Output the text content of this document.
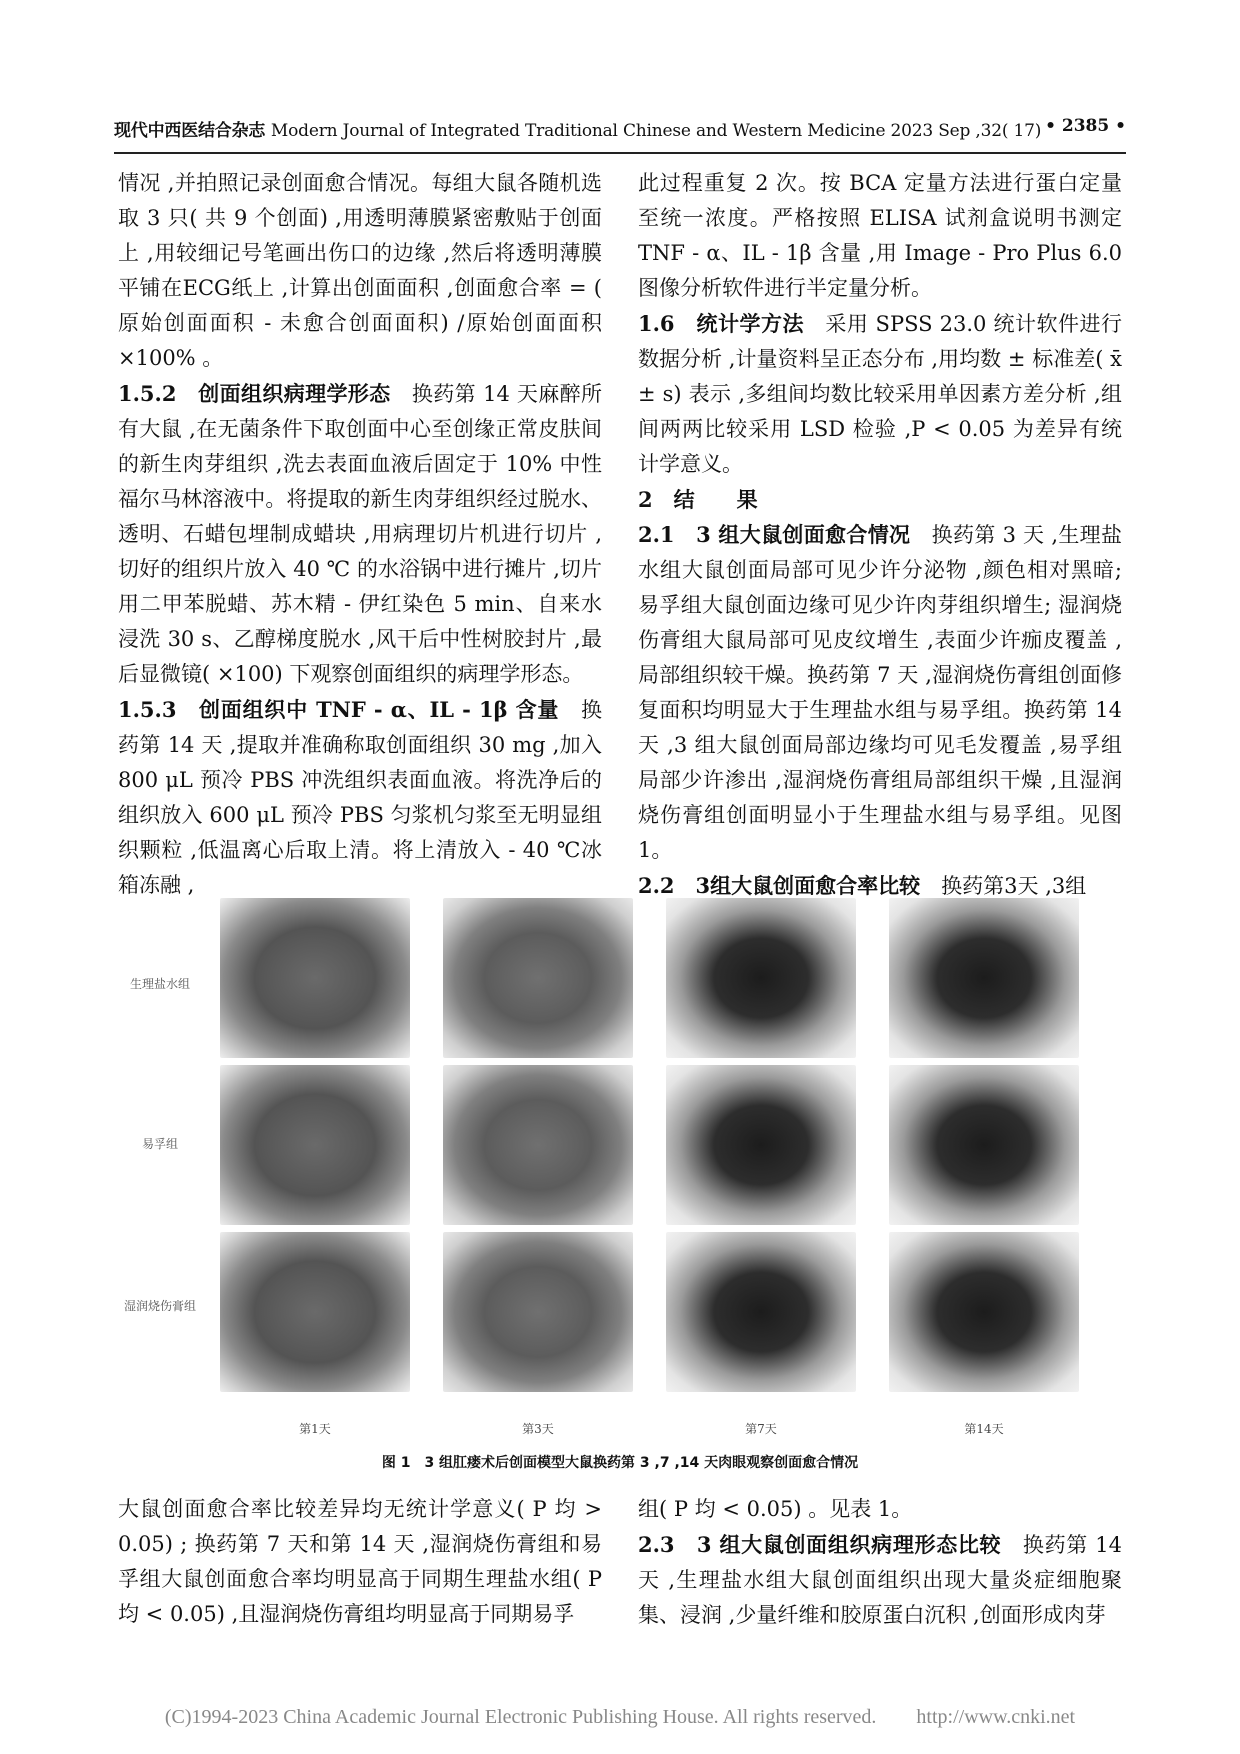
现代中西医结合杂志 Modern Journal of Integrated Traditional Chinese and Western Medicine 2023 Sep ,32( 17) • 2385 •

情况 ,并拍照记录创面愈合情况。每组大鼠各随机选取 3 只( 共 9 个创面) ,用透明薄膜紧密敷贴于创面上 ,用较细记号笔画出伤口的边缘 ,然后将透明薄膜平铺在ECG纸上 ,计算出创面面积 ,创面愈合率 = ( 原始创面面积 - 未愈合创面面积) /原始创面面积 ×100% 。

1.5.2　创面组织病理学形态　换药第 14 天麻醉所有大鼠 ,在无菌条件下取创面中心至创缘正常皮肤间的新生肉芽组织 ,洗去表面血液后固定于 10% 中性福尔马林溶液中。将提取的新生肉芽组织经过脱水、透明、石蜡包埋制成蜡块 ,用病理切片机进行切片 ,切好的组织片放入 40 ℃ 的水浴锅中进行摊片 ,切片用二甲苯脱蜡、苏木精 - 伊红染色 5 min、自来水浸洗 30 s、乙醇梯度脱水 ,风干后中性树胶封片 ,最后显微镜( ×100) 下观察创面组织的病理学形态。

1.5.3　创面组织中 TNF - α、IL - 1β 含量　换药第 14 天 ,提取并准确称取创面组织 30 mg ,加入 800 μL 预冷 PBS 冲洗组织表面血液。将洗净后的组织放入 600 μL 预冷 PBS 匀浆机匀浆至无明显组织颗粒 ,低温离心后取上清。将上清放入 - 40 ℃冰箱冻融 ,

此过程重复 2 次。按 BCA 定量方法进行蛋白定量至统一浓度。严格按照 ELISA 试剂盒说明书测定 TNF - α、IL - 1β 含量 ,用 Image - Pro Plus 6.0 图像分析软件进行半定量分析。

1.6　统计学方法　采用 SPSS 23.0 统计软件进行数据分析 ,计量资料呈正态分布 ,用均数 ± 标准差( x̄ ± s) 表示 ,多组间均数比较采用单因素方差分析 ,组间两两比较采用 LSD 检验 ,P < 0.05 为差异有统计学意义。

2　结　　果

2.1　3 组大鼠创面愈合情况　换药第 3 天 ,生理盐水组大鼠创面局部可见少许分泌物 ,颜色相对黑暗; 易孚组大鼠创面边缘可见少许肉芽组织增生; 湿润烧伤膏组大鼠局部可见皮纹增生 ,表面少许痂皮覆盖 ,局部组织较干燥。换药第 7 天 ,湿润烧伤膏组创面修复面积均明显大于生理盐水组与易孚组。换药第 14 天 ,3 组大鼠创面局部边缘均可见毛发覆盖 ,易孚组局部少许渗出 ,湿润烧伤膏组局部组织干燥 ,且湿润烧伤膏组创面明显小于生理盐水组与易孚组。见图 1。

2.2　3组大鼠创面愈合率比较　换药第3天 ,3组

生理盐水组
易孚组
湿润烧伤膏组
第1天	第3天	第7天	第14天
图 1　3 组肛瘘术后创面模型大鼠换药第 3 ,7 ,14 天肉眼观察创面愈合情况

大鼠创面愈合率比较差异均无统计学意义( P 均 > 0.05) ; 换药第 7 天和第 14 天 ,湿润烧伤膏组和易孚组大鼠创面愈合率均明显高于同期生理盐水组( P 均 < 0.05) ,且湿润烧伤膏组均明显高于同期易孚

组( P 均 < 0.05) 。见表 1。

2.3　3 组大鼠创面组织病理形态比较　换药第 14 天 ,生理盐水组大鼠创面组织出现大量炎症细胞聚集、浸润 ,少量纤维和胶原蛋白沉积 ,创面形成肉芽

(C)1994-2023 China Academic Journal Electronic Publishing House. All rights reserved.　　http://www.cnki.net
